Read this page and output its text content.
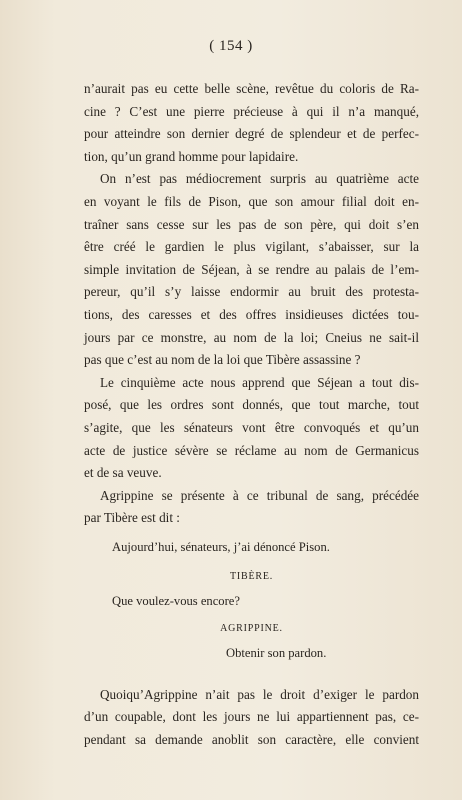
( 154 )

n’aurait pas eu cette belle scène, revêtue du coloris de Ra-
cine ? C’est une pierre précieuse à qui il n’a manqué,
pour atteindre son dernier degré de splendeur et de perfec-
tion, qu’un grand homme pour lapidaire.

On n’est pas médiocrement surpris au quatrième acte
en voyant le fils de Pison, que son amour filial doit en-
traîner sans cesse sur les pas de son père, qui doit s’en
être créé le gardien le plus vigilant, s’abaisser, sur la
simple invitation de Séjean, à se rendre au palais de l’em-
pereur, qu’il s’y laisse endormir au bruit des protesta-
tions, des caresses et des offres insidieuses dictées tou-
jours par ce monstre, au nom de la loi; Cneius ne sait-il
pas que c’est au nom de la loi que Tibère assassine ?

Le cinquième acte nous apprend que Séjean a tout dis-
posé, que les ordres sont donnés, que tout marche, tout
s’agite, que les sénateurs vont être convoqués et qu’un
acte de justice sévère se réclame au nom de Germanicus
et de sa veuve.

Agrippine se présente à ce tribunal de sang, précédée
par Tibère est dit :

Aujourd’hui, sénateurs, j’ai dénoncé Pison.
TIBÈRE.
Que voulez-vous encore?
AGRIPPINE.
Obtenir son pardon.

Quoiqu’Agrippine n’ait pas le droit d’exiger le pardon
d’un coupable, dont les jours ne lui appartiennent pas, ce-
pendant sa demande anoblit son caractère, elle convient
